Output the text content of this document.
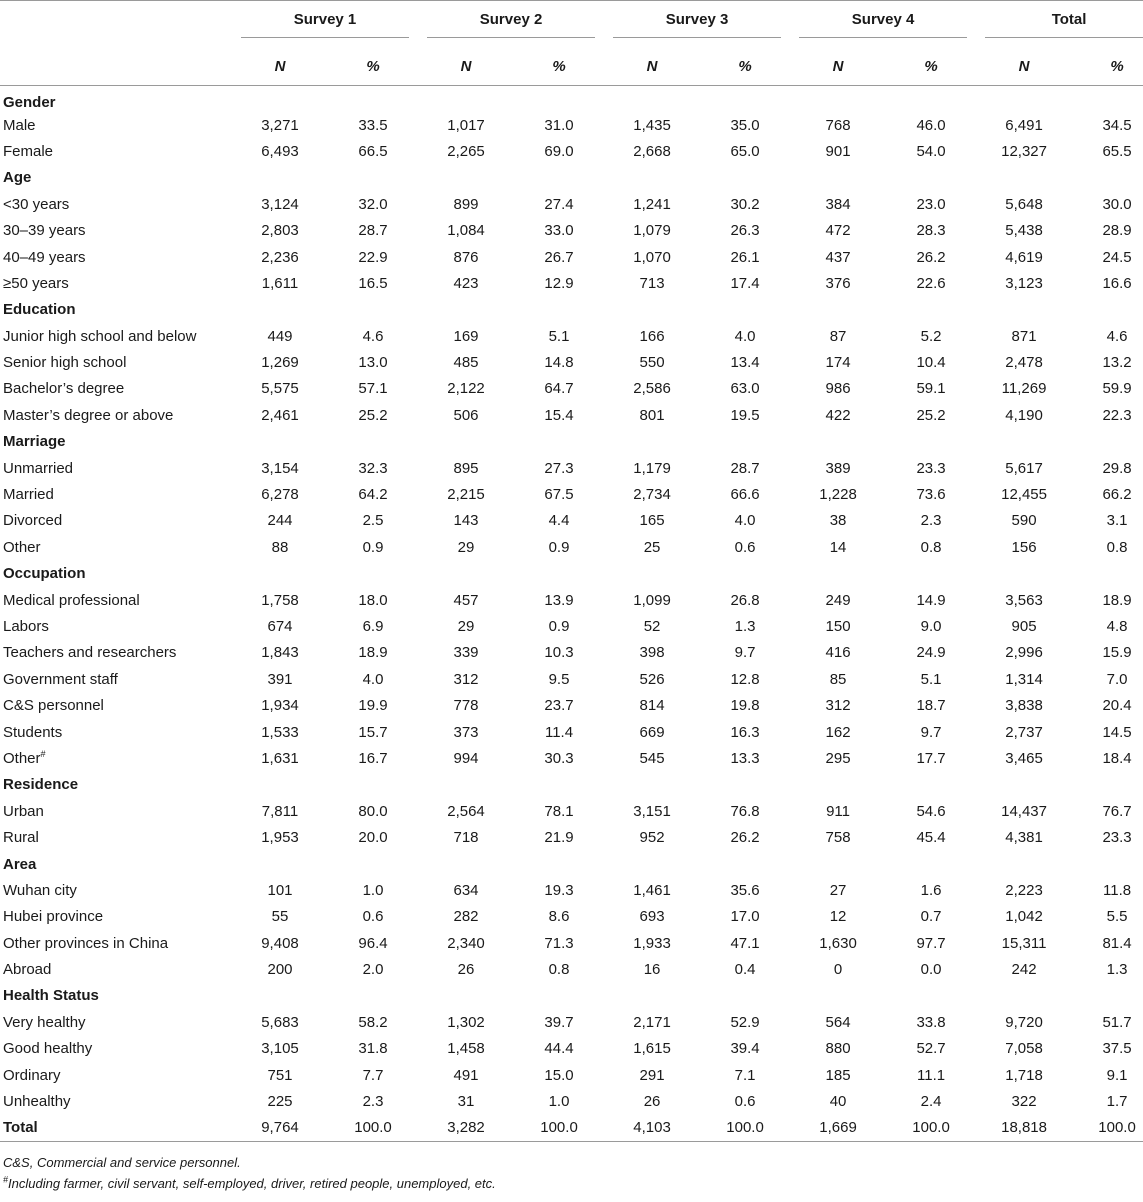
	Survey 1		Survey 2		Survey 3		Survey 4		Total	

	N	%	N	%	N	%	N	%	N	%
Gender										
Male	3,271	33.5	1,017	31.0	1,435	35.0	768	46.0	6,491	34.5
Female	6,493	66.5	2,265	69.0	2,668	65.0	901	54.0	12,327	65.5
Age										
<30 years	3,124	32.0	899	27.4	1,241	30.2	384	23.0	5,648	30.0
30–39 years	2,803	28.7	1,084	33.0	1,079	26.3	472	28.3	5,438	28.9
40–49 years	2,236	22.9	876	26.7	1,070	26.1	437	26.2	4,619	24.5
≥50 years	1,611	16.5	423	12.9	713	17.4	376	22.6	3,123	16.6
Education										
Junior high school and below	449	4.6	169	5.1	166	4.0	87	5.2	871	4.6
Senior high school	1,269	13.0	485	14.8	550	13.4	174	10.4	2,478	13.2
Bachelor’s degree	5,575	57.1	2,122	64.7	2,586	63.0	986	59.1	11,269	59.9
Master’s degree or above	2,461	25.2	506	15.4	801	19.5	422	25.2	4,190	22.3
Marriage										
Unmarried	3,154	32.3	895	27.3	1,179	28.7	389	23.3	5,617	29.8
Married	6,278	64.2	2,215	67.5	2,734	66.6	1,228	73.6	12,455	66.2
Divorced	244	2.5	143	4.4	165	4.0	38	2.3	590	3.1
Other	88	0.9	29	0.9	25	0.6	14	0.8	156	0.8
Occupation										
Medical professional	1,758	18.0	457	13.9	1,099	26.8	249	14.9	3,563	18.9
Labors	674	6.9	29	0.9	52	1.3	150	9.0	905	4.8
Teachers and researchers	1,843	18.9	339	10.3	398	9.7	416	24.9	2,996	15.9
Government staff	391	4.0	312	9.5	526	12.8	85	5.1	1,314	7.0
C&S personnel	1,934	19.9	778	23.7	814	19.8	312	18.7	3,838	20.4
Students	1,533	15.7	373	11.4	669	16.3	162	9.7	2,737	14.5
Other#	1,631	16.7	994	30.3	545	13.3	295	17.7	3,465	18.4
Residence										
Urban	7,811	80.0	2,564	78.1	3,151	76.8	911	54.6	14,437	76.7
Rural	1,953	20.0	718	21.9	952	26.2	758	45.4	4,381	23.3
Area										
Wuhan city	101	1.0	634	19.3	1,461	35.6	27	1.6	2,223	11.8
Hubei province	55	0.6	282	8.6	693	17.0	12	0.7	1,042	5.5
Other provinces in China	9,408	96.4	2,340	71.3	1,933	47.1	1,630	97.7	15,311	81.4
Abroad	200	2.0	26	0.8	16	0.4	0	0.0	242	1.3
Health Status										
Very healthy	5,683	58.2	1,302	39.7	2,171	52.9	564	33.8	9,720	51.7
Good healthy	3,105	31.8	1,458	44.4	1,615	39.4	880	52.7	7,058	37.5
Ordinary	751	7.7	491	15.0	291	7.1	185	11.1	1,718	9.1
Unhealthy	225	2.3	31	1.0	26	0.6	40	2.4	322	1.7
Total	9,764	100.0	3,282	100.0	4,103	100.0	1,669	100.0	18,818	100.0
C&S, Commercial and service personnel.
#Including farmer, civil servant, self-employed, driver, retired people, unemployed, etc.
